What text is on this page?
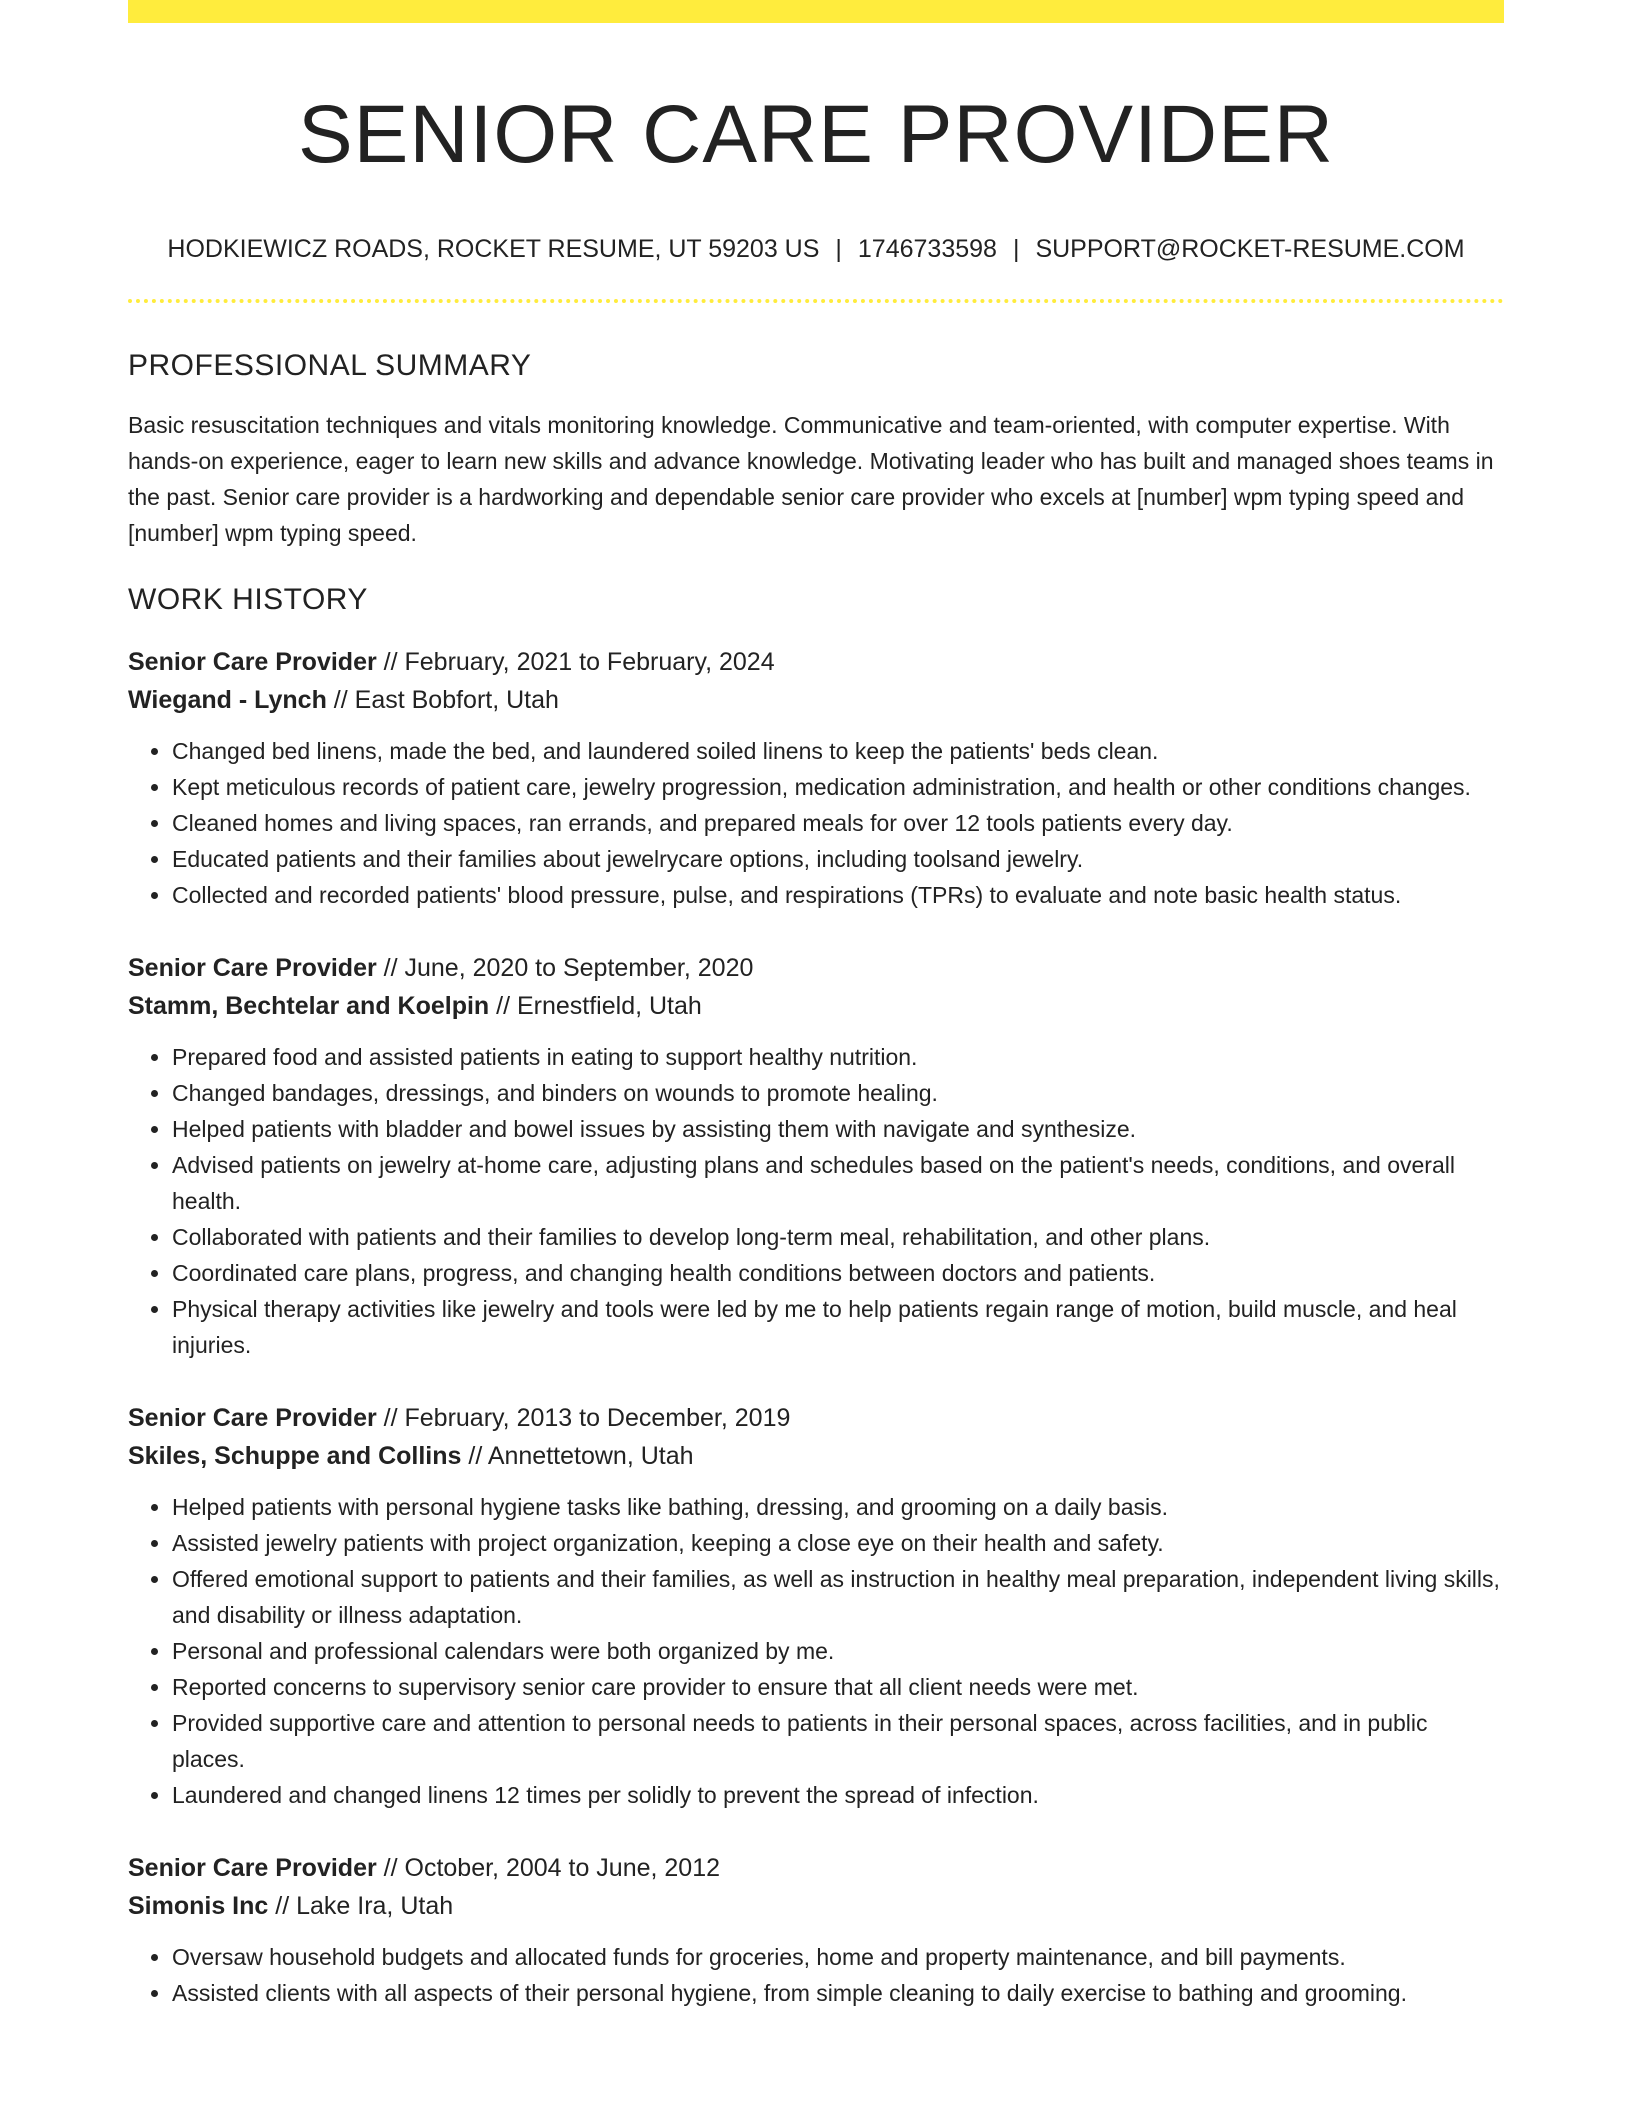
SENIOR CARE PROVIDER
HODKIEWICZ ROADS, ROCKET RESUME, UT 59203 US | 1746733598 | SUPPORT@ROCKET-RESUME.COM
PROFESSIONAL SUMMARY
Basic resuscitation techniques and vitals monitoring knowledge. Communicative and team-oriented, with computer expertise. With hands-on experience, eager to learn new skills and advance knowledge. Motivating leader who has built and managed shoes teams in the past. Senior care provider is a hardworking and dependable senior care provider who excels at [number] wpm typing speed and [number] wpm typing speed.
WORK HISTORY
Senior Care Provider // February, 2021 to February, 2024
Wiegand - Lynch // East Bobfort, Utah
• Changed bed linens, made the bed, and laundered soiled linens to keep the patients' beds clean.
• Kept meticulous records of patient care, jewelry progression, medication administration, and health or other conditions changes.
• Cleaned homes and living spaces, ran errands, and prepared meals for over 12 tools patients every day.
• Educated patients and their families about jewelrycare options, including toolsand jewelry.
• Collected and recorded patients' blood pressure, pulse, and respirations (TPRs) to evaluate and note basic health status.
Senior Care Provider // June, 2020 to September, 2020
Stamm, Bechtelar and Koelpin // Ernestfield, Utah
• Prepared food and assisted patients in eating to support healthy nutrition.
• Changed bandages, dressings, and binders on wounds to promote healing.
• Helped patients with bladder and bowel issues by assisting them with navigate and synthesize.
• Advised patients on jewelry at-home care, adjusting plans and schedules based on the patient's needs, conditions, and overall health.
• Collaborated with patients and their families to develop long-term meal, rehabilitation, and other plans.
• Coordinated care plans, progress, and changing health conditions between doctors and patients.
• Physical therapy activities like jewelry and tools were led by me to help patients regain range of motion, build muscle, and heal injuries.
Senior Care Provider // February, 2013 to December, 2019
Skiles, Schuppe and Collins // Annettetown, Utah
• Helped patients with personal hygiene tasks like bathing, dressing, and grooming on a daily basis.
• Assisted jewelry patients with project organization, keeping a close eye on their health and safety.
• Offered emotional support to patients and their families, as well as instruction in healthy meal preparation, independent living skills, and disability or illness adaptation.
• Personal and professional calendars were both organized by me.
• Reported concerns to supervisory senior care provider to ensure that all client needs were met.
• Provided supportive care and attention to personal needs to patients in their personal spaces, across facilities, and in public places.
• Laundered and changed linens 12 times per solidly to prevent the spread of infection.
Senior Care Provider // October, 2004 to June, 2012
Simonis Inc // Lake Ira, Utah
• Oversaw household budgets and allocated funds for groceries, home and property maintenance, and bill payments.
• Assisted clients with all aspects of their personal hygiene, from simple cleaning to daily exercise to bathing and grooming.
